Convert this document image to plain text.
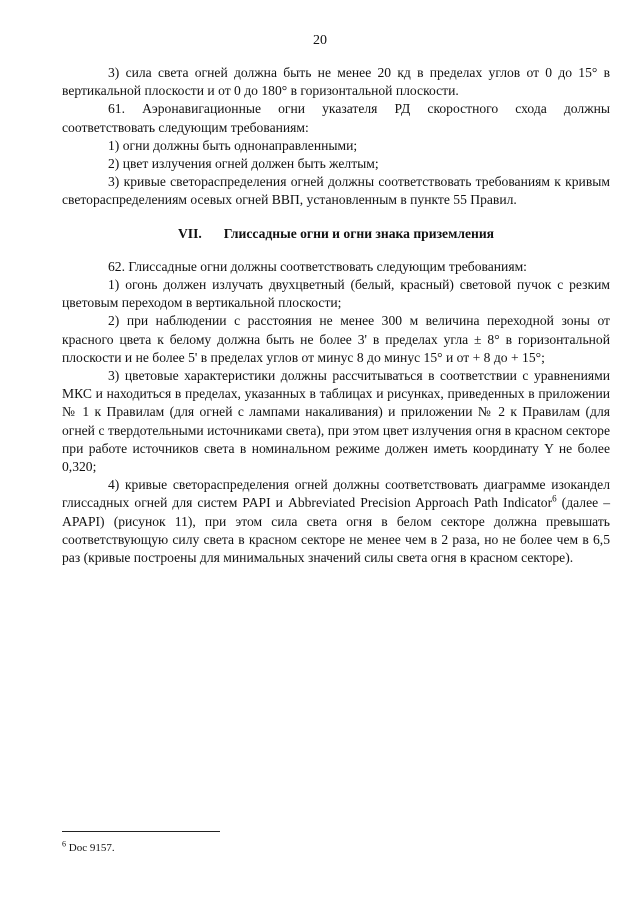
20

3) сила света огней должна быть не менее 20 кд в пределах углов от 0 до 15° в вертикальной плоскости и от 0 до 180° в горизонтальной плоскости.

61. Аэронавигационные огни указателя РД скоростного схода должны соответствовать следующим требованиям:

1) огни должны быть однонаправленными;

2) цвет излучения огней должен быть желтым;

3) кривые светораспределения огней должны соответствовать требованиям к кривым светораспределениям осевых огней ВВП, установленным в пункте 55 Правил.

VII. Глиссадные огни и огни знака приземления

62. Глиссадные огни должны соответствовать следующим требованиям:

1) огонь должен излучать двухцветный (белый, красный) световой пучок с резким цветовым переходом в вертикальной плоскости;

2) при наблюдении с расстояния не менее 300 м величина переходной зоны от красного цвета к белому должна быть не более 3' в пределах угла ± 8° в горизонтальной плоскости и не более 5' в пределах углов от минус 8 до минус 15° и от + 8 до + 15°;

3) цветовые характеристики должны рассчитываться в соответствии с уравнениями МКС и находиться в пределах, указанных в таблицах и рисунках, приведенных в приложении № 1 к Правилам (для огней с лампами накаливания) и приложении № 2 к Правилам (для огней с твердотельными источниками света), при этом цвет излучения огня в красном секторе при работе источников света в номинальном режиме должен иметь координату Y не более 0,320;

4) кривые светораспределения огней должны соответствовать диаграмме изокандел глиссадных огней для систем PAPI и Abbreviated Precision Approach Path Indicator$^6$ (далее – APAPI) (рисунок 11), при этом сила света огня в белом секторе должна превышать соответствующую силу света в красном секторе не менее чем в 2 раза, но не более чем в 6,5 раз (кривые построены для минимальных значений силы света огня в красном секторе).

$^6$ Doc 9157.
